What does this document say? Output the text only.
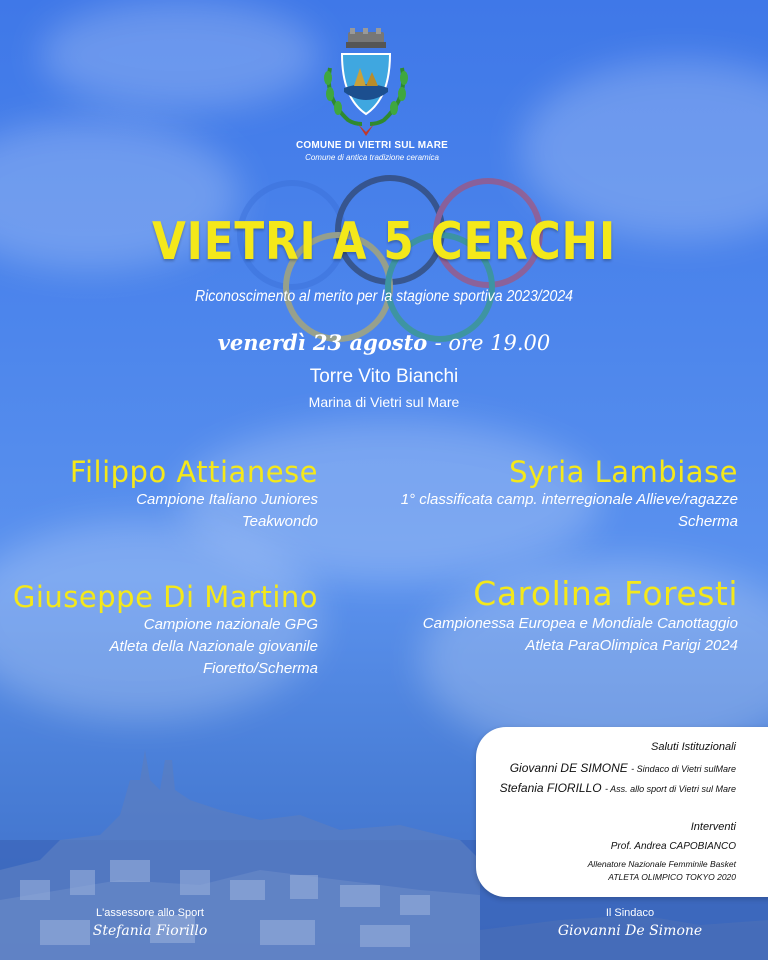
COMUNE DI VIETRI SUL MARE
Comune di antica tradizione ceramica
VIETRI A 5 CERCHI
Riconoscimento al merito per la stagione sportiva 2023/2024
venerdì 23 agosto - ore 19.00
Torre Vito Bianchi
Marina di Vietri sul Mare
Filippo Attianese
Campione Italiano Juniores
Teakwondo
Syria Lambiase
1° classificata camp. interregionale Allieve/ragazze
Scherma
Giuseppe Di Martino
Campione nazionale GPG
Atleta della Nazionale giovanile
Fioretto/Scherma
Carolina Foresti
Campionessa Europea e Mondiale Canottaggio
Atleta ParaOlimpica Parigi 2024
Saluti Istituzionali
Giovanni DE SIMONE - Sindaco di Vietri sulMare
Stefania FIORILLO - Ass. allo sport di Vietri sul Mare
Interventi
Prof. Andrea CAPOBIANCO
Allenatore Nazionale Femminile Basket
ATLETA OLIMPICO TOKYO 2020
L'assessore allo Sport
Stefania Fiorillo
Il Sindaco
Giovanni De Simone
